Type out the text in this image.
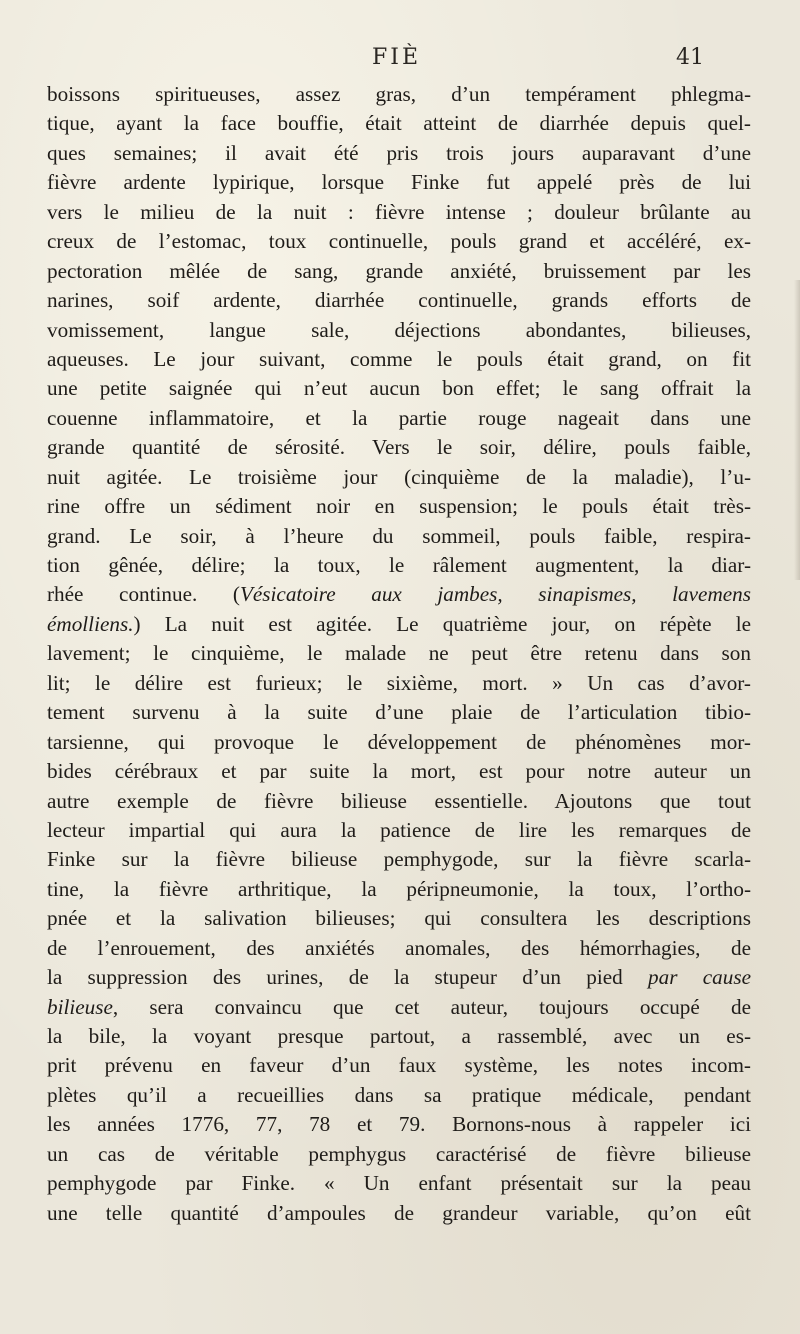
FIÈ	41
boissons spiritueuses, assez gras, d’un tempérament phlegma-
tique, ayant la face bouffie, était atteint de diarrhée depuis quel-
ques semaines; il avait été pris trois jours auparavant d’une
fièvre ardente lypirique, lorsque Finke fut appelé près de lui
vers le milieu de la nuit : fièvre intense ; douleur brûlante au
creux de l’estomac, toux continuelle, pouls grand et accéléré, ex-
pectoration mêlée de sang, grande anxiété, bruissement par les
narines, soif ardente, diarrhée continuelle, grands efforts de
vomissement, langue sale, déjections abondantes, bilieuses,
aqueuses. Le jour suivant, comme le pouls était grand, on fit
une petite saignée qui n’eut aucun bon effet; le sang offrait la
couenne inflammatoire, et la partie rouge nageait dans une
grande quantité de sérosité. Vers le soir, délire, pouls faible,
nuit agitée. Le troisième jour (cinquième de la maladie), l’u-
rine offre un sédiment noir en suspension; le pouls était très-
grand. Le soir, à l’heure du sommeil, pouls faible, respira-
tion gênée, délire; la toux, le râlement augmentent, la diar-
rhée continue. (Vésicatoire aux jambes, sinapismes, lavemens
émolliens.) La nuit est agitée. Le quatrième jour, on répète le
lavement; le cinquième, le malade ne peut être retenu dans son
lit; le délire est furieux; le sixième, mort. » Un cas d’avor-
tement survenu à la suite d’une plaie de l’articulation tibio-
tarsienne, qui provoque le développement de phénomènes mor-
bides cérébraux et par suite la mort, est pour notre auteur un
autre exemple de fièvre bilieuse essentielle. Ajoutons que tout
lecteur impartial qui aura la patience de lire les remarques de
Finke sur la fièvre bilieuse pemphygode, sur la fièvre scarla-
tine, la fièvre arthritique, la péripneumonie, la toux, l’ortho-
pnée et la salivation bilieuses; qui consultera les descriptions
de l’enrouement, des anxiétés anomales, des hémorrhagies, de
la suppression des urines, de la stupeur d’un pied par cause
bilieuse, sera convaincu que cet auteur, toujours occupé de
la bile, la voyant presque partout, a rassemblé, avec un es-
prit prévenu en faveur d’un faux système, les notes incom-
plètes qu’il a recueillies dans sa pratique médicale, pendant
les années 1776, 77, 78 et 79. Bornons-nous à rappeler ici
un cas de véritable pemphygus caractérisé de fièvre bilieuse
pemphygode par Finke. « Un enfant présentait sur la peau
une telle quantité d’ampoules de grandeur variable, qu’on eût
